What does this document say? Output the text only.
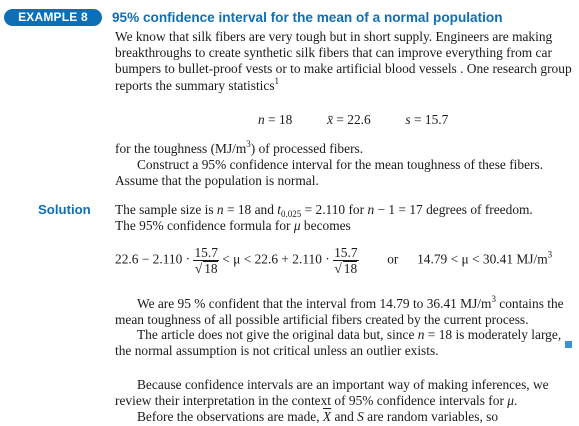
EXAMPLE 8	95% confidence interval for the mean of a normal population
We know that silk fibers are very tough but in short supply. Engineers are making
breakthroughs to create synthetic silk fibers that can improve everything from car
bumpers to bullet-proof vests or to make artificial blood vessels . One research group
reports the summary statistics$^1$
n = 18	x̄ = 22.6	s = 15.7
for the toughness $(MJ/m^3)$ of processed fibers.
Construct a 95% confidence interval for the mean toughness of these fibers.
Assume that the population is normal.
Solution The sample size is n = 18 and $t_{0.025} = 2.110$ for n − 1 = 17 degrees of freedom.
The 95% confidence formula for μ becomes
$22.6 - 2.110 \cdot \frac{15.7}{√ 18} < \mu < 22.6 + 2.110 \cdot \frac{15.7}{√ 18}$ or 14.79 < μ < 30.41 $MJ/m^3$
We are 95 % confident that the interval from 14.79 to 36.41 $MJ/m^3$ contains the
mean toughness of all possible artificial fibers created by the current process.
The article does not give the original data but, since n = 18 is moderately large,
the normal assumption is not critical unless an outlier exists.
Because confidence intervals are an important way of making inferences, we
review their interpretation in the context of 95% confidence intervals for μ.
Before the observations are made, $\overline{X}$ and S are random variables, so
